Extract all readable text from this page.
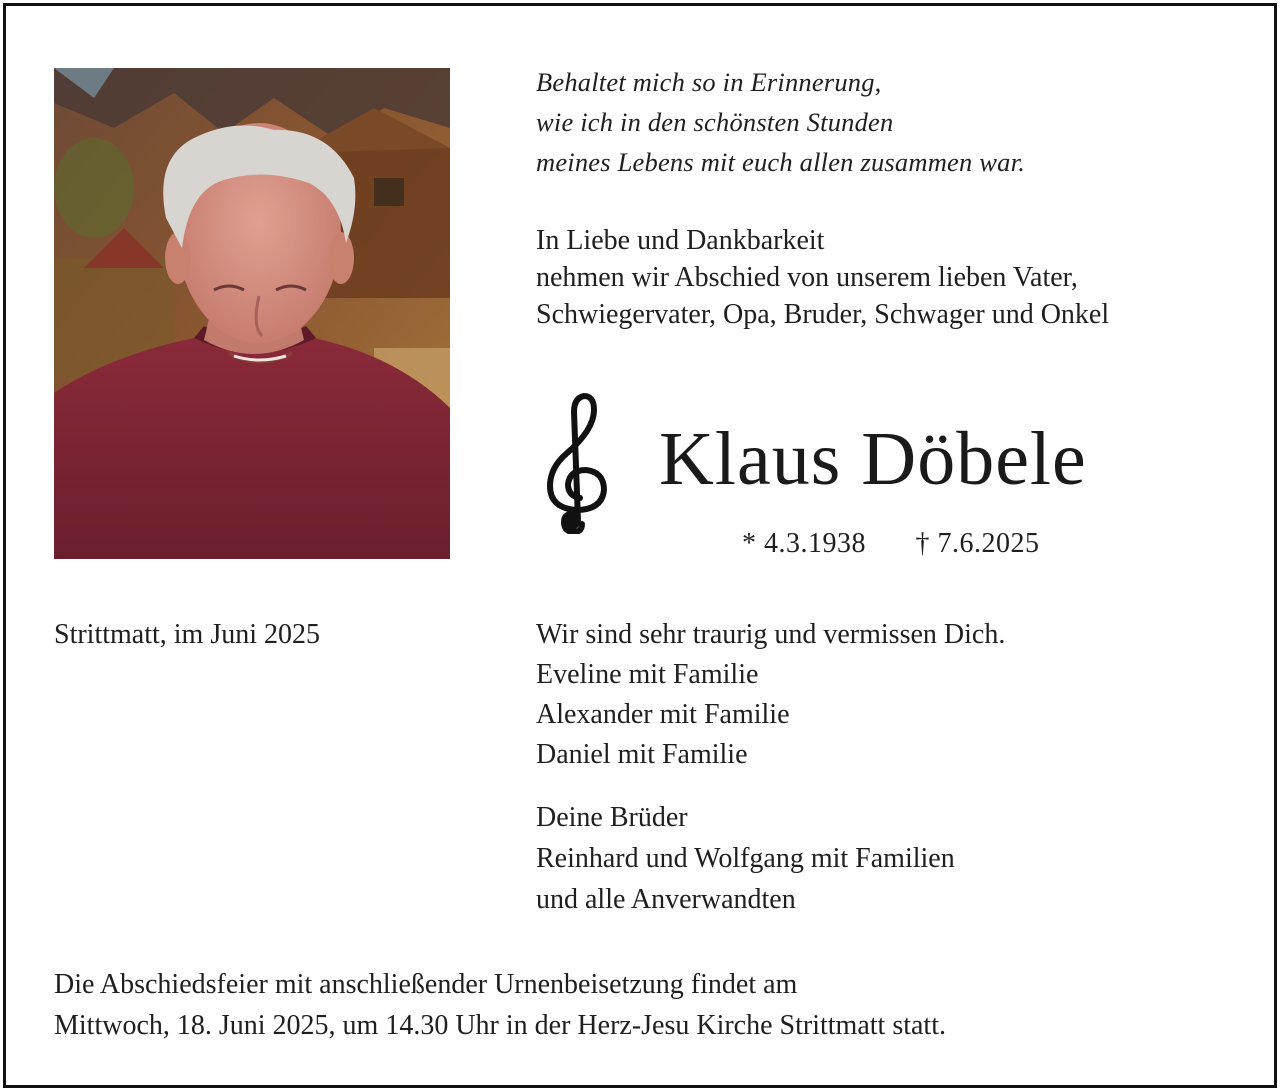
Behaltet mich so in Erinnerung,
wie ich in den schönsten Stunden
meines Lebens mit euch allen zusammen war.
In Liebe und Dankbarkeit
nehmen wir Abschied von unserem lieben Vater,
Schwiegervater, Opa, Bruder, Schwager und Onkel
Klaus Döbele
* 4.3.1938 † 7.6.2025
Strittmatt, im Juni 2025	Wir sind sehr traurig und vermissen Dich.
Eveline mit Familie
Alexander mit Familie
Daniel mit Familie
Deine Brüder
Reinhard und Wolfgang mit Familien
und alle Anverwandten
Die Abschiedsfeier mit anschließender Urnenbeisetzung findet am
Mittwoch, 18. Juni 2025, um 14.30 Uhr in der Herz-Jesu Kirche Strittmatt statt.
